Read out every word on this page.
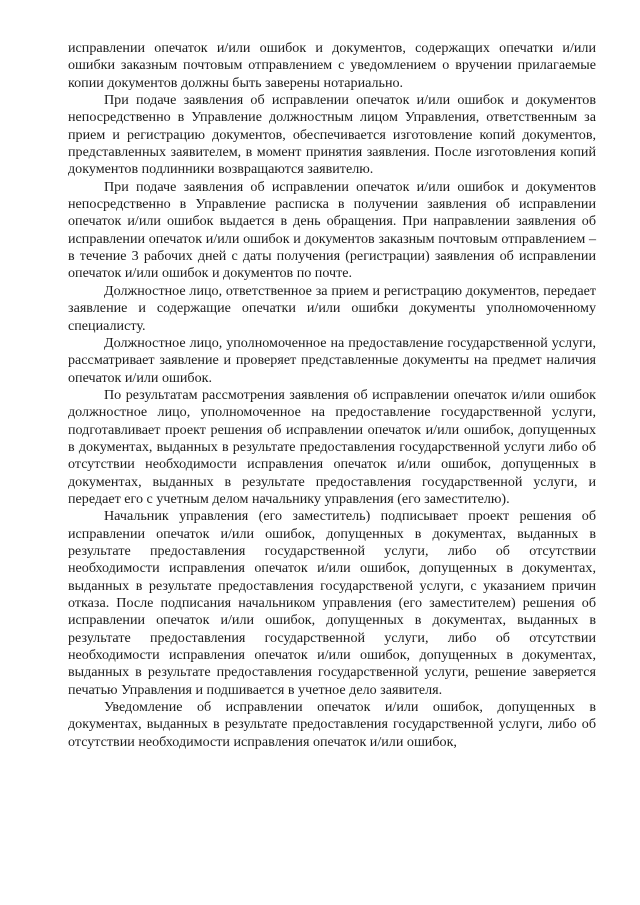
исправлении опечаток и/или ошибок и документов, содержащих опечатки и/или ошибки заказным почтовым отправлением с уведомлением о вручении прилагаемые копии документов должны быть заверены нотариально.

При подаче заявления об исправлении опечаток и/или ошибок и документов непосредственно в Управление должностным лицом Управления, ответственным за прием и регистрацию документов, обеспечивается изготовление копий документов, представленных заявителем, в момент принятия заявления. После изготовления копий документов подлинники возвращаются заявителю.

При подаче заявления об исправлении опечаток и/или ошибок и документов непосредственно в Управление расписка в получении заявления об исправлении опечаток и/или ошибок выдается в день обращения. При направлении заявления об исправлении опечаток и/или ошибок и документов заказным почтовым отправлением – в течение 3 рабочих дней с даты получения (регистрации) заявления об исправлении опечаток и/или ошибок и документов по почте.

Должностное лицо, ответственное за прием и регистрацию документов, передает заявление и содержащие опечатки и/или ошибки документы уполномоченному специалисту.

Должностное лицо, уполномоченное на предоставление государственной услуги, рассматривает заявление и проверяет представленные документы на предмет наличия опечаток и/или ошибок.

По результатам рассмотрения заявления об исправлении опечаток и/или ошибок должностное лицо, уполномоченное на предоставление государственной услуги, подготавливает проект решения об исправлении опечаток и/или ошибок, допущенных в документах, выданных в результате предоставления государственной услуги либо об отсутствии необходимости исправления опечаток и/или ошибок, допущенных в документах, выданных в результате предоставления государственной услуги, и передает его с учетным делом начальнику управления (его заместителю).

Начальник управления (его заместитель) подписывает проект решения об исправлении опечаток и/или ошибок, допущенных в документах, выданных в результате предоставления государственной услуги, либо об отсутствии необходимости исправления опечаток и/или ошибок, допущенных в документах, выданных в результате предоставления государственой услуги, с указанием причин отказа. После подписания начальником управления (его заместителем) решения об исправлении опечаток и/или ошибок, допущенных в документах, выданных в результате предоставления государственной услуги, либо об отсутствии необходимости исправления опечаток и/или ошибок, допущенных в документах, выданных в результате предоставления государственной услуги, решение заверяется печатью Управления и подшивается в учетное дело заявителя.

Уведомление об исправлении опечаток и/или ошибок, допущенных в документах, выданных в результате предоставления государственной услуги, либо об отсутствии необходимости исправления опечаток и/или ошибок,
